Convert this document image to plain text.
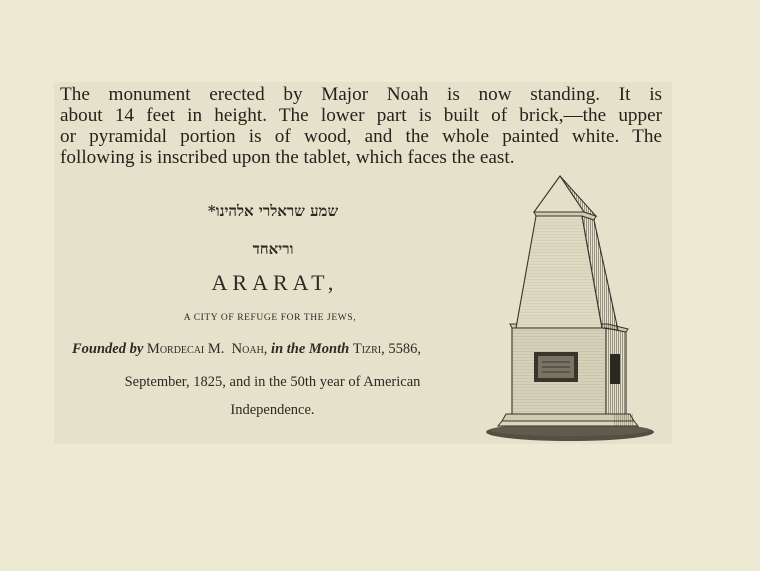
The monument erected by Major Noah is now standing. It is
about 14 feet in height. The lower part is built of brick,—the upper
or pyramidal portion is of wood, and the whole painted white. The
following is inscribed upon the tablet, which faces the east.
שמע שראלרי אלהינו*
וריאחד
ARARAT,
A CITY OF REFUGE FOR THE JEWS,
Founded by Mordecai M. Noah, in the Month Tizri, 5586,
September, 1825, and in the 50th year of American
Independence.
